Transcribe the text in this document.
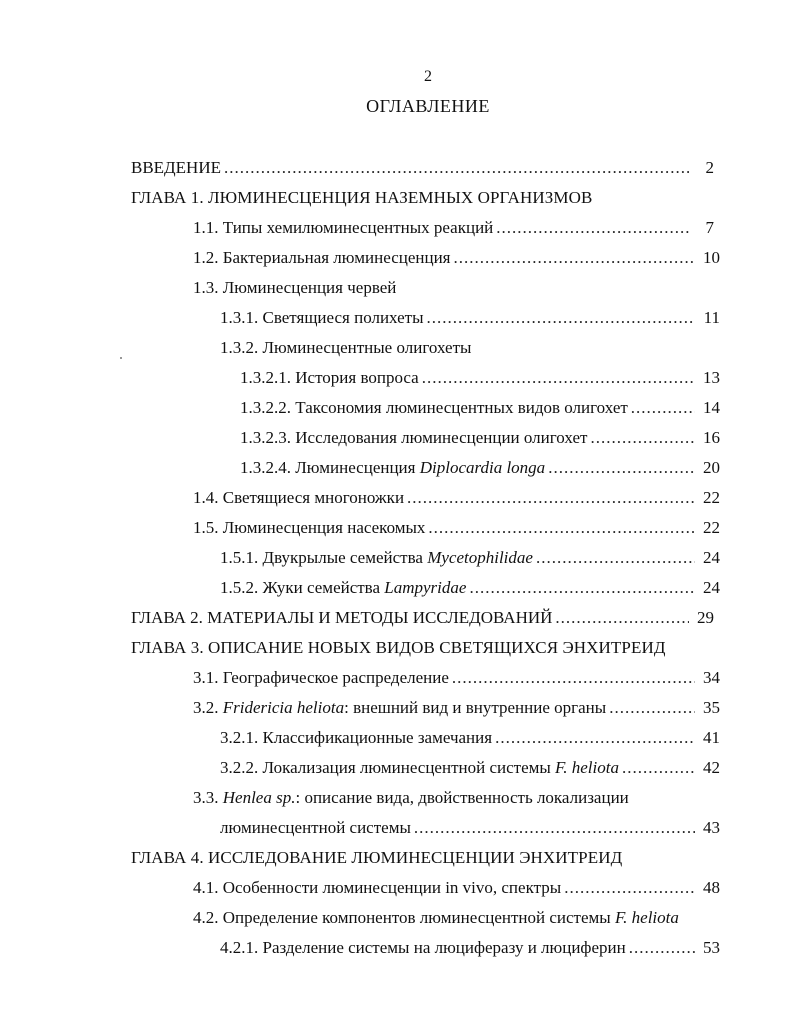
2
ОГЛАВЛЕНИЕ
ВВЕДЕНИЕ .....	2
ГЛАВА 1. ЛЮМИНЕСЦЕНЦИЯ НАЗЕМНЫХ ОРГАНИЗМОВ
1.1. Типы хемилюминесцентных реакций .....	7
1.2. Бактериальная люминесценция .....	10
1.3. Люминесценция червей
1.3.1. Светящиеся полихеты .....	11
1.3.2. Люминесцентные олигохеты
1.3.2.1. История вопроса .....	13
1.3.2.2. Таксономия люминесцентных видов олигохет .....	14
1.3.2.3. Исследования люминесценции олигохет .....	16
1.3.2.4. Люминесценция Diplocardia longa .....	20
1.4. Светящиеся многоножки .....	22
1.5. Люминесценция насекомых .....	22
1.5.1. Двукрылые семейства Mycetophilidae .....	24
1.5.2. Жуки семейства Lampyridae .....	24
ГЛАВА 2. МАТЕРИАЛЫ И МЕТОДЫ ИССЛЕДОВАНИЙ .....	29
ГЛАВА 3. ОПИСАНИЕ НОВЫХ ВИДОВ СВЕТЯЩИХСЯ ЭНХИТРЕИД
3.1. Географическое распределение .....	34
3.2. Fridericia heliota: внешний вид и внутренние органы .....	35
3.2.1. Классификационные замечания .....	41
3.2.2. Локализация люминесцентной системы F. heliota .....	42
3.3. Henlea sp.: описание вида, двойственность локализации
люминесцентной системы .....	43
ГЛАВА 4. ИССЛЕДОВАНИЕ ЛЮМИНЕСЦЕНЦИИ ЭНХИТРЕИД
4.1. Особенности люминесценции in vivo, спектры .....	48
4.2. Определение компонентов люминесцентной системы F. heliota
4.2.1. Разделение системы на люциферазу и люциферин .....	53
